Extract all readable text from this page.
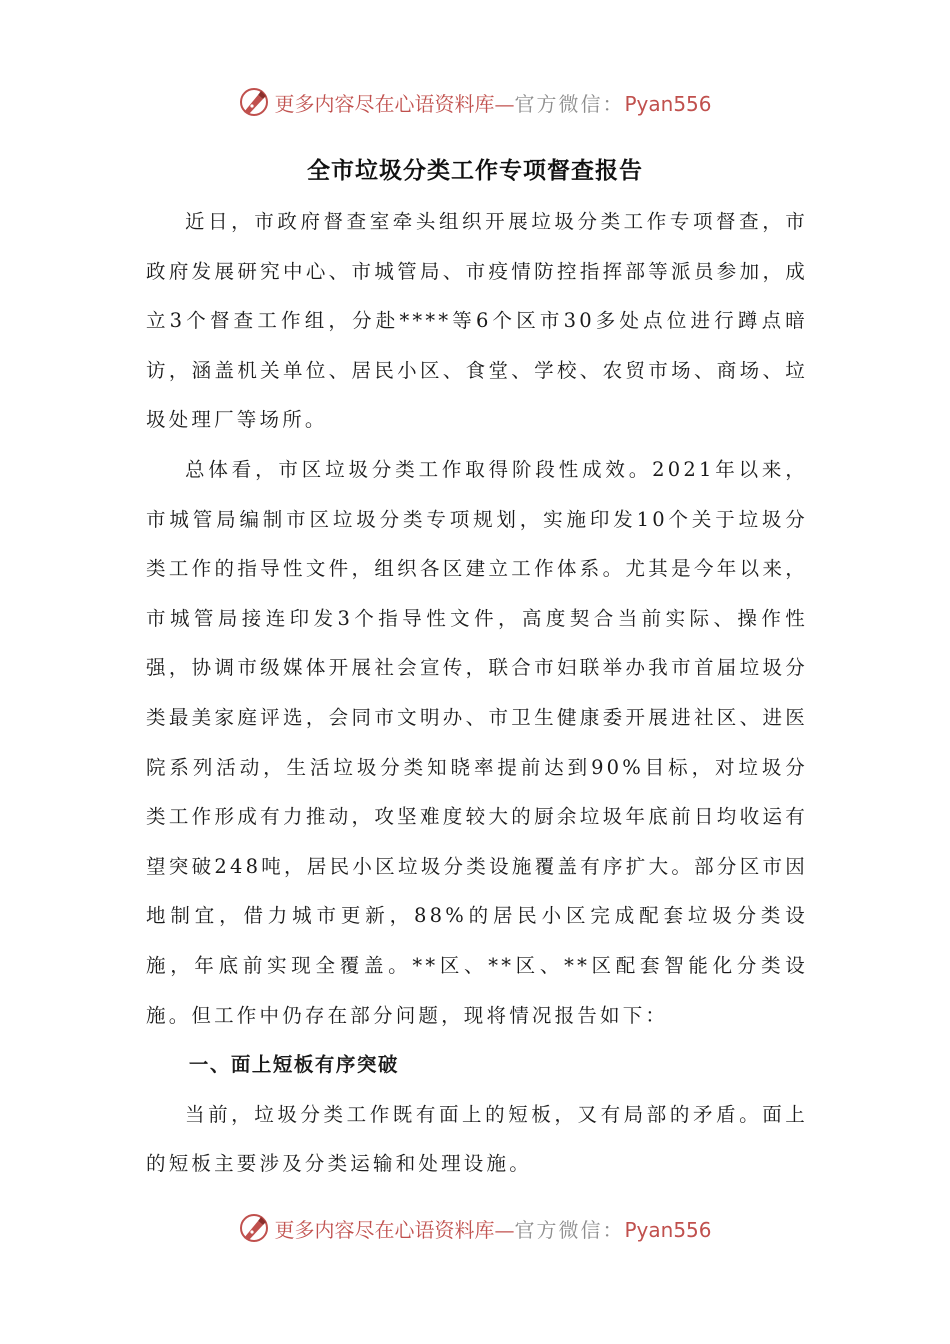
更多内容尽在心语资料库—官方微信：Pyan556
全市垃圾分类工作专项督查报告

近日，市政府督查室牵头组织开展垃圾分类工作专项督查，市政府发展研究中心、市城管局、市疫情防控指挥部等派员参加，成立3个督查工作组，分赴****等6个区市30多处点位进行蹲点暗访，涵盖机关单位、居民小区、食堂、学校、农贸市场、商场、垃圾处理厂等场所。

总体看，市区垃圾分类工作取得阶段性成效。2021年以来，市城管局编制市区垃圾分类专项规划，实施印发10个关于垃圾分类工作的指导性文件，组织各区建立工作体系。尤其是今年以来，市城管局接连印发3个指导性文件，高度契合当前实际、操作性强，协调市级媒体开展社会宣传，联合市妇联举办我市首届垃圾分类最美家庭评选，会同市文明办、市卫生健康委开展进社区、进医院系列活动，生活垃圾分类知晓率提前达到90%目标，对垃圾分类工作形成有力推动，攻坚难度较大的厨余垃圾年底前日均收运有望突破248吨，居民小区垃圾分类设施覆盖有序扩大。部分区市因地制宜，借力城市更新，88%的居民小区完成配套垃圾分类设施，年底前实现全覆盖。**区、**区、**区配套智能化分类设施。但工作中仍存在部分问题，现将情况报告如下：

一、面上短板有序突破

当前，垃圾分类工作既有面上的短板，又有局部的矛盾。面上的短板主要涉及分类运输和处理设施。

更多内容尽在心语资料库—官方微信：Pyan556
